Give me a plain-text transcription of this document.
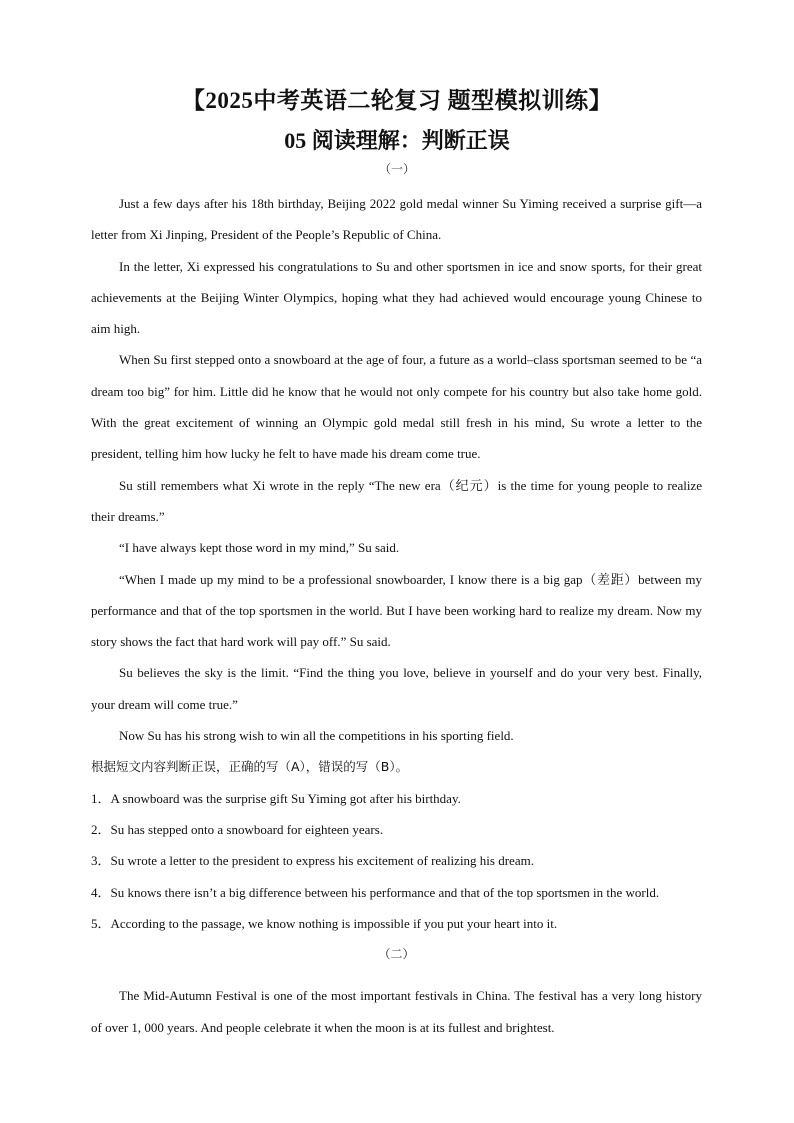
【2025中考英语二轮复习 题型模拟训练】
05 阅读理解：判断正误
（一）

Just a few days after his 18th birthday, Beijing 2022 gold medal winner Su Yiming received a surprise gift—a letter from Xi Jinping, President of the People’s Republic of China.

In the letter, Xi expressed his congratulations to Su and other sportsmen in ice and snow sports, for their great achievements at the Beijing Winter Olympics, hoping what they had achieved would encourage young Chinese to aim high.

When Su first stepped onto a snowboard at the age of four, a future as a world–class sportsman seemed to be “a dream too big” for him. Little did he know that he would not only compete for his country but also take home gold. With the great excitement of winning an Olympic gold medal still fresh in his mind, Su wrote a letter to the president, telling him how lucky he felt to have made his dream come true.

Su still remembers what Xi wrote in the reply “The new era（纪元）is the time for young people to realize their dreams.”

“I have always kept those word in my mind,” Su said.

“When I made up my mind to be a professional snowboarder, I know there is a big gap（差距）between my performance and that of the top sportsmen in the world. But I have been working hard to realize my dream. Now my story shows the fact that hard work will pay off.” Su said.

Su believes the sky is the limit. “Find the thing you love, believe in yourself and do your very best. Finally, your dream will come true.”

Now Su has his strong wish to win all the competitions in his sporting field.

根据短文内容判断正误，正确的写（A），错误的写（B）。

1．A snowboard was the surprise gift Su Yiming got after his birthday.

2．Su has stepped onto a snowboard for eighteen years.

3．Su wrote a letter to the president to express his excitement of realizing his dream.

4．Su knows there isn’t a big difference between his performance and that of the top sportsmen in the world.

5．According to the passage, we know nothing is impossible if you put your heart into it.

（二）

The Mid-Autumn Festival is one of the most important festivals in China. The festival has a very long history of over 1, 000 years. And people celebrate it when the moon is at its fullest and brightest.
